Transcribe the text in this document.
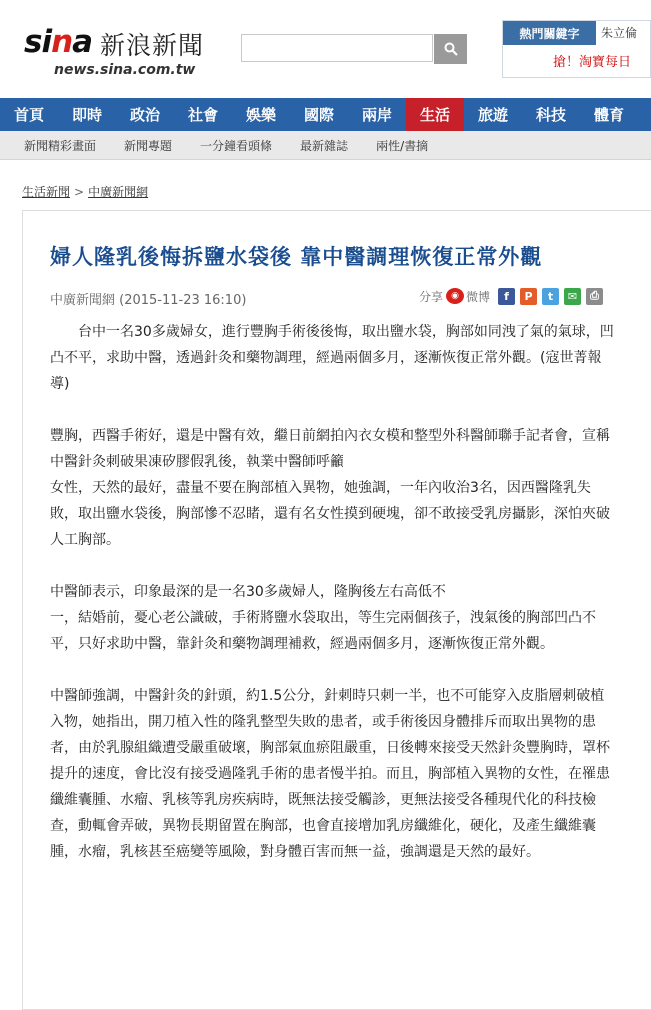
sina 新浪新聞
news.sina.com.tw
熱門關鍵字	朱立倫
搶！淘寶每日
首頁	即時	政治	社會	娛樂	國際	兩岸	生活	旅遊	科技	體育
新聞精彩畫面 新聞專題 一分鐘看頭條 最新雜誌 兩性/書摘
生活新聞 > 中廣新聞網
婦人隆乳後悔拆鹽水袋後 靠中醫調理恢復正常外觀
中廣新聞網 (2015-11-23 16:10)	分享 ◉ 微博	f	P	t	✉	⎙

　　台中一名30多歲婦女，進行豐胸手術後後悔，取出鹽水袋，胸部如同洩了氣的氣球，凹凸不平，求助中醫，透過針灸和藥物調理，經過兩個多月，逐漸恢復正常外觀。(寇世菁報導)

豐胸，西醫手術好，還是中醫有效，繼日前網拍內衣女模和整型外科醫師聯手記者會，宣稱中醫針灸刺破果凍矽膠假乳後，執業中醫師呼籲
女性，天然的最好，盡量不要在胸部植入異物，她強調，一年內收治3名，因西醫隆乳失敗，取出鹽水袋後，胸部慘不忍睹，還有名女性摸到硬塊，卻不敢接受乳房攝影，深怕夾破人工胸部。

中醫師表示，印象最深的是一名30多歲婦人，隆胸後左右高低不
一，結婚前，憂心老公識破，手術將鹽水袋取出，等生完兩個孩子，洩氣後的胸部凹凸不平，只好求助中醫，靠針灸和藥物調理補救，經過兩個多月，逐漸恢復正常外觀。

中醫師強調，中醫針灸的針頭，約1.5公分，針刺時只刺一半，也不可能穿入皮脂層刺破植入物，她指出，開刀植入性的隆乳整型失敗的患者，或手術後因身體排斥而取出異物的患者，由於乳腺組織遭受嚴重破壞，胸部氣血瘀阻嚴重，日後轉來接受天然針灸豐胸時，罩杯提升的速度，會比沒有接受過隆乳手術的患者慢半拍。而且，胸部植入異物的女性，在罹患纖維囊腫、水瘤、乳核等乳房疾病時，既無法接受觸診，更無法接受各種現代化的科技檢查，動輒會弄破，異物長期留置在胸部，也會直接增加乳房纖維化，硬化，及產生纖維囊腫，水瘤，乳核甚至癌變等風險，對身體百害而無一益，強調還是天然的最好。
